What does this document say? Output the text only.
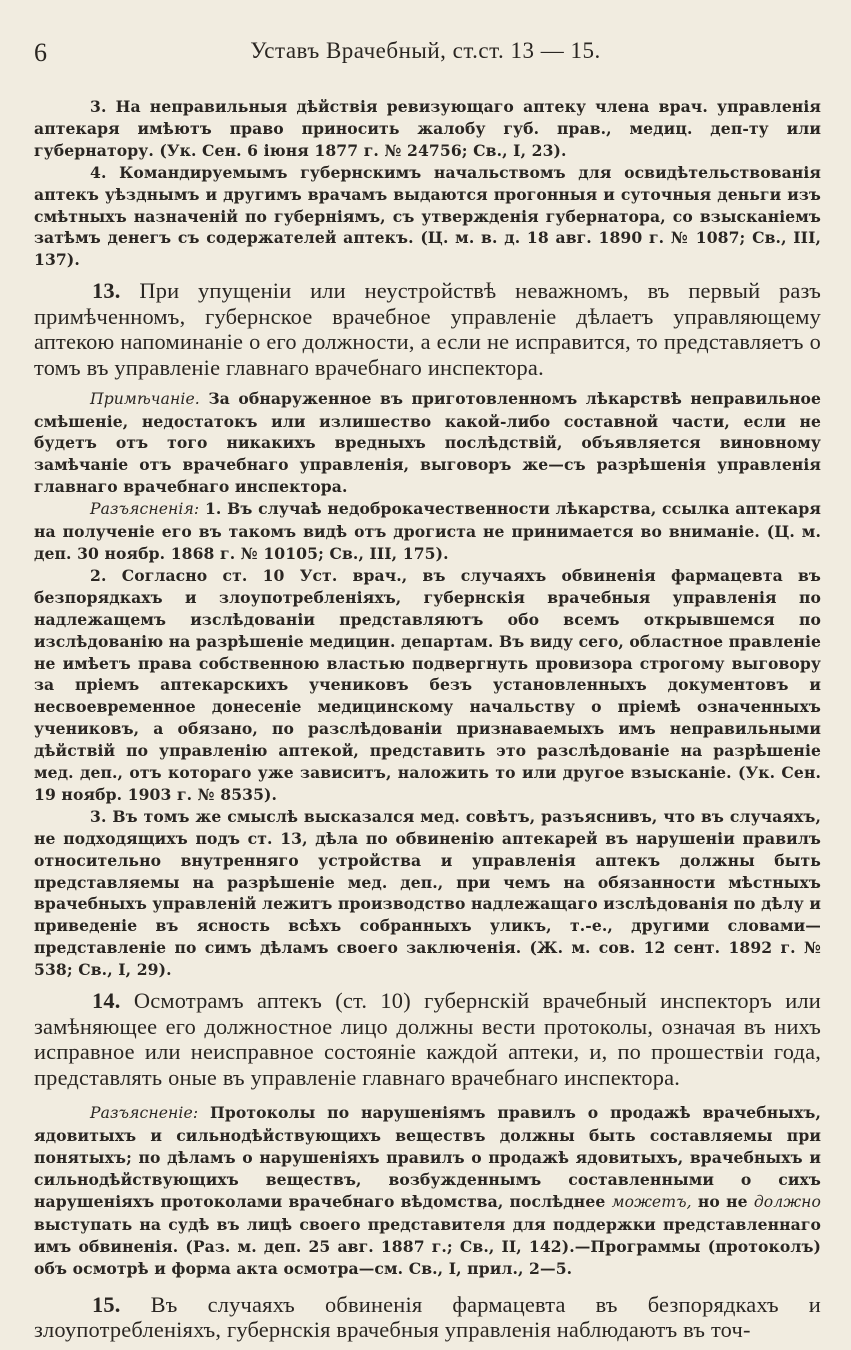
6	Уставъ Врачебный, ст.ст. 13 — 15.

3. На неправильныя дѣйствія ревизующаго аптеку члена врач. управленія аптекаря имѣютъ право приносить жалобу губ. прав., медиц. деп-ту или губернатору. (Ук. Сен. 6 іюня 1877 г. № 24756; Св., I, 23).

4. Командируемымъ губернскимъ начальствомъ для освидѣтельствованія аптекъ уѣзднымъ и другимъ врачамъ выдаются прогонныя и суточныя деньги изъ смѣтныхъ назначеній по губерніямъ, съ утвержденія губернатора, со взысканіемъ затѣмъ денегъ съ содержателей аптекъ. (Ц. м. в. д. 18 авг. 1890 г. № 1087; Св., III, 137).

13. При упущеніи или неустройствѣ неважномъ, въ первый разъ примѣченномъ, губернское врачебное управленіе дѣлаетъ управляющему аптекою напоминаніе о его должности, а если не исправится, то представляетъ о томъ въ управленіе главнаго врачебнаго инспектора.

Примѣчаніе. За обнаруженное въ приготовленномъ лѣкарствѣ неправильное смѣшеніе, недостатокъ или излишество какой-либо составной части, если не будетъ отъ того никакихъ вредныхъ послѣдствій, объявляется виновному замѣчаніе отъ врачебнаго управленія, выговоръ же—съ разрѣшенія управленія главнаго врачебнаго инспектора.

Разъясненія: 1. Въ случаѣ недоброкачественности лѣкарства, ссылка аптекаря на полученіе его въ такомъ видѣ отъ дрогиста не принимается во вниманіе. (Ц. м. деп. 30 ноябр. 1868 г. № 10105; Св., III, 175).

2. Согласно ст. 10 Уст. врач., въ случаяхъ обвиненія фармацевта въ безпорядкахъ и злоупотребленіяхъ, губернскія врачебныя управленія по надлежащемъ изслѣдованіи представляютъ обо всемъ открывшемся по изслѣдованію на разрѣшеніе медицин. департам. Въ виду сего, областное правленіе не имѣетъ права собственною властью подвергнуть провизора строгому выговору за пріемъ аптекарскихъ учениковъ безъ установленныхъ документовъ и несвоевременное донесеніе медицинскому начальству о пріемѣ означенныхъ учениковъ, а обязано, по разслѣдованіи признаваемыхъ имъ неправильными дѣйствій по управленію аптекой, представить это разслѣдованіе на разрѣшеніе мед. деп., отъ котораго уже зависитъ, наложить то или другое взысканіе. (Ук. Сен. 19 ноябр. 1903 г. № 8535).

3. Въ томъ же смыслѣ высказался мед. совѣтъ, разъяснивъ, что въ случаяхъ, не подходящихъ подъ ст. 13, дѣла по обвиненію аптекарей въ нарушеніи правилъ относительно внутренняго устройства и управленія аптекъ должны быть представляемы на разрѣшеніе мед. деп., при чемъ на обязанности мѣстныхъ врачебныхъ управленій лежитъ производство надлежащаго изслѣдованія по дѣлу и приведеніе въ ясность всѣхъ собранныхъ уликъ, т.-е., другими словами—представленіе по симъ дѣламъ своего заключенія. (Ж. м. сов. 12 сент. 1892 г. № 538; Св., I, 29).

14. Осмотрамъ аптекъ (ст. 10) губернскій врачебный инспекторъ или замѣняющее его должностное лицо должны вести протоколы, означая въ нихъ исправное или неисправное состояніе каждой аптеки, и, по прошествіи года, представлять оные въ управленіе главнаго врачебнаго инспектора.

Разъясненіе: Протоколы по нарушеніямъ правилъ о продажѣ врачебныхъ, ядовитыхъ и сильнодѣйствующихъ веществъ должны быть составляемы при понятыхъ; по дѣламъ о нарушеніяхъ правилъ о продажѣ ядовитыхъ, врачебныхъ и сильнодѣйствующихъ веществъ, возбужденнымъ составленными о сихъ нарушеніяхъ протоколами врачебнаго вѣдомства, послѣднее можетъ, но не должно выступать на судѣ въ лицѣ своего представителя для поддержки представленнаго имъ обвиненія. (Раз. м. деп. 25 авг. 1887 г.; Св., II, 142).—Программы (протоколъ) объ осмотрѣ и форма акта осмотра—см. Св., I, прил., 2—5.

15. Въ случаяхъ обвиненія фармацевта въ безпорядкахъ и злоупотребленіяхъ, губернскія врачебныя управленія наблюдаютъ въ точ-
